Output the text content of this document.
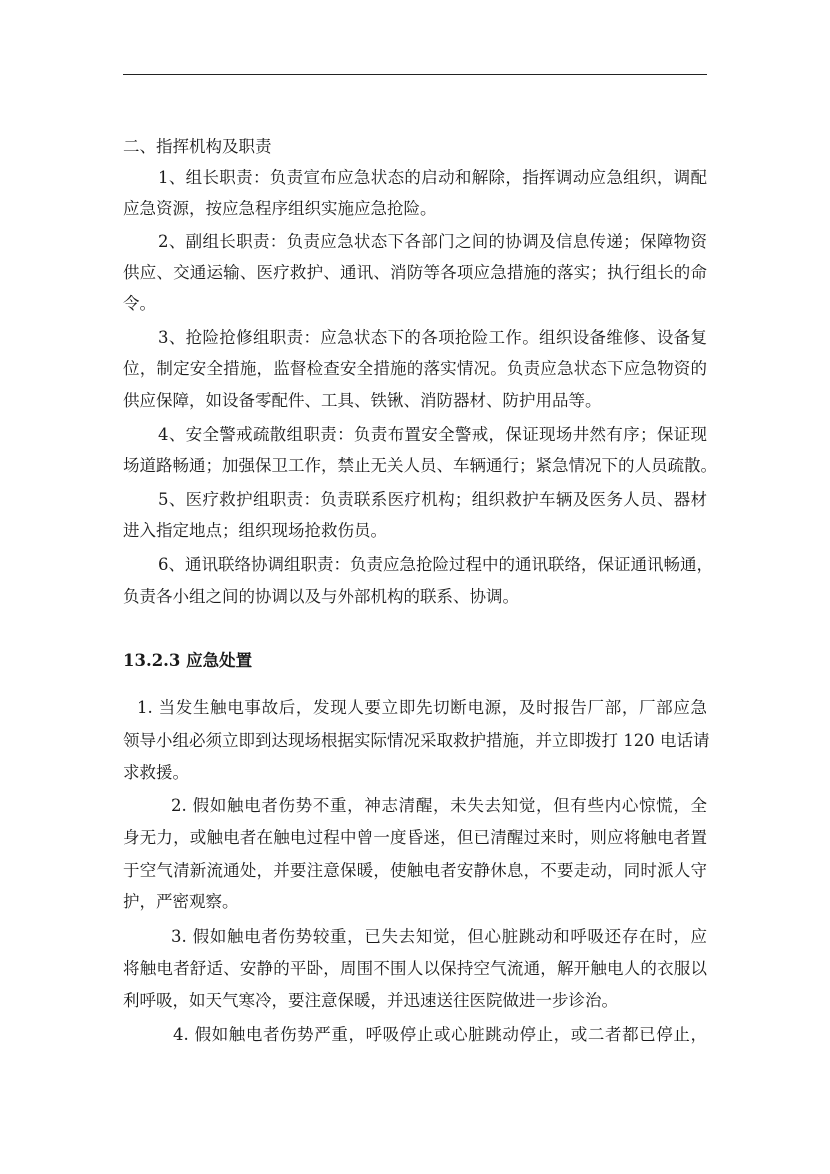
二、指挥机构及职责
1、组长职责：负责宣布应急状态的启动和解除，指挥调动应急组织，调配
应急资源，按应急程序组织实施应急抢险。
2、副组长职责：负责应急状态下各部门之间的协调及信息传递；保障物资
供应、交通运输、医疗救护、通讯、消防等各项应急措施的落实；执行组长的命
令。
3、抢险抢修组职责：应急状态下的各项抢险工作。组织设备维修、设备复
位，制定安全措施，监督检查安全措施的落实情况。负责应急状态下应急物资的
供应保障，如设备零配件、工具、铁锹、消防器材、防护用品等。
4、安全警戒疏散组职责：负责布置安全警戒，保证现场井然有序；保证现
场道路畅通；加强保卫工作，禁止无关人员、车辆通行；紧急情况下的人员疏散。
5、医疗救护组职责：负责联系医疗机构；组织救护车辆及医务人员、器材
进入指定地点；组织现场抢救伤员。
6、通讯联络协调组职责：负责应急抢险过程中的通讯联络，保证通讯畅通，
负责各小组之间的协调以及与外部机构的联系、协调。
13.2.3 应急处置
1. 当发生触电事故后，发现人要立即先切断电源，及时报告厂部，厂部应急
领导小组必须立即到达现场根据实际情况采取救护措施，并立即拨打 120 电话请
求救援。
2. 假如触电者伤势不重，神志清醒，未失去知觉，但有些内心惊慌，全
身无力，或触电者在触电过程中曾一度昏迷，但已清醒过来时，则应将触电者置
于空气清新流通处，并要注意保暖，使触电者安静休息，不要走动，同时派人守
护，严密观察。
3. 假如触电者伤势较重，已失去知觉，但心脏跳动和呼吸还存在时，应
将触电者舒适、安静的平卧，周围不围人以保持空气流通，解开触电人的衣服以
利呼吸，如天气寒冷，要注意保暖，并迅速送往医院做进一步诊治。
4. 假如触电者伤势严重，呼吸停止或心脏跳动停止，或二者都已停止，
